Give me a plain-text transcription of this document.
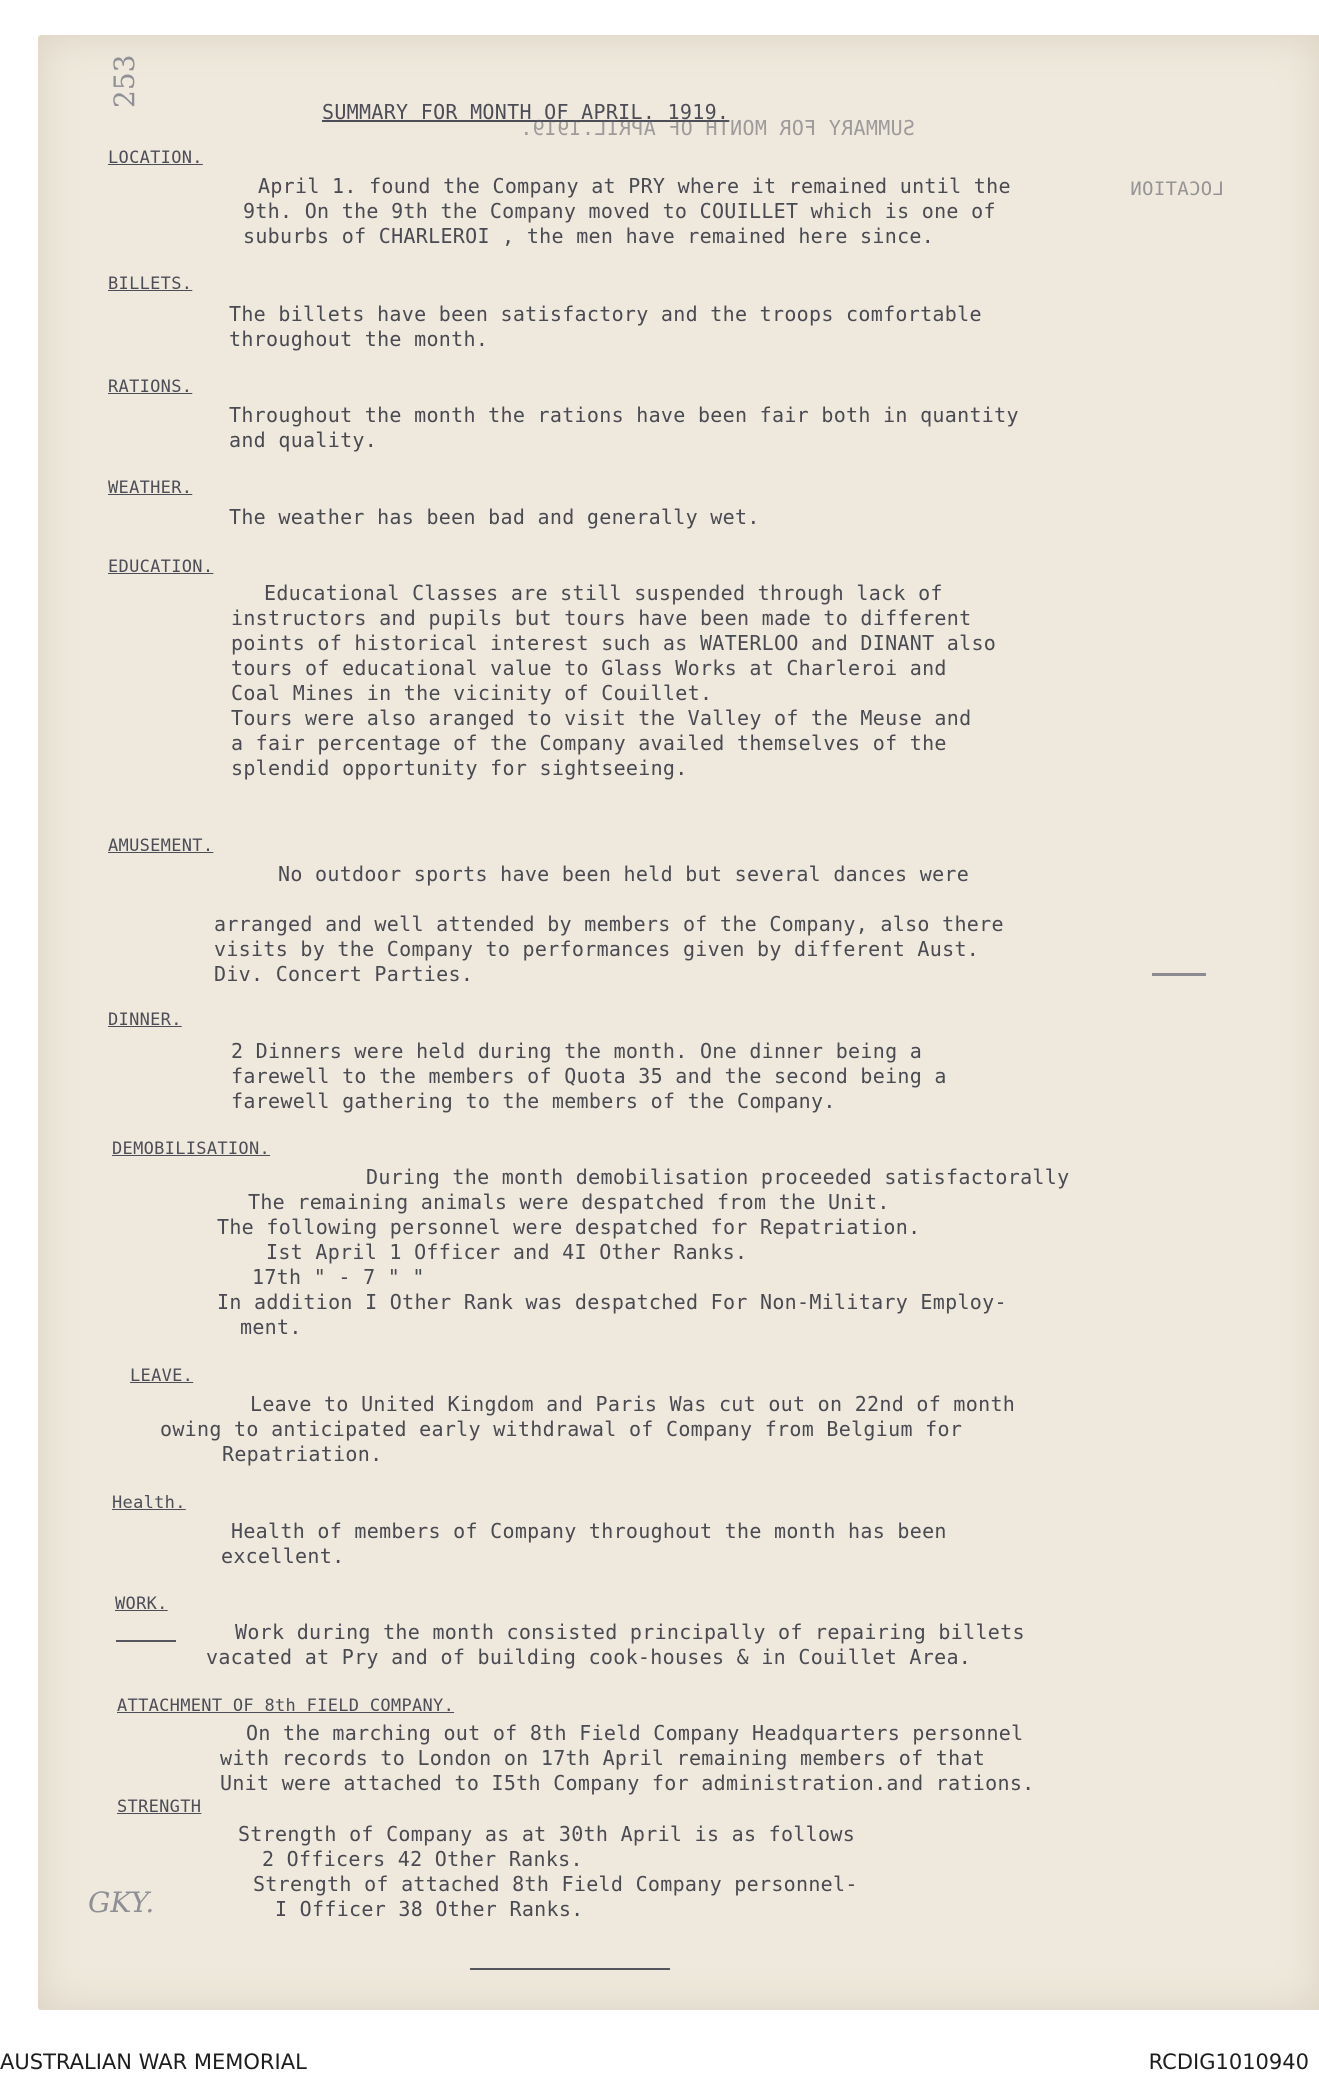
SUMMARY FOR MONTH OF APRIL. 1919.
SUMMARY FOR MONTH OF APRIL.1919.
LOCATION
253
LOCATION.
April 1. found the Company at PRY where it remained until the
9th. On the 9th the Company moved to COUILLET which is one of
suburbs of CHARLEROI , the men have remained here since.
BILLETS.
The billets have been satisfactory and the troops comfortable
throughout the month.
RATIONS.
Throughout the month the rations have been fair both in quantity
and quality.
WEATHER.
The weather has been bad and generally wet.
EDUCATION.
Educational Classes are still suspended through lack of
instructors and pupils but tours have been made to different
points of historical interest such as WATERLOO and DINANT also
tours of educational value to Glass Works at Charleroi and
Coal Mines in the vicinity of Couillet.
Tours were also aranged to visit the Valley of the Meuse and
a fair percentage of the Company availed themselves of the
splendid opportunity for sightseeing.
AMUSEMENT.
No outdoor sports have been held but several dances were
arranged and well attended by members of the Company, also there
visits by the Company to performances given by different Aust.
Div. Concert Parties.
DINNER.
2 Dinners were held during the month. One dinner being a
farewell to the members of Quota 35 and the second being a
farewell gathering to the members of the Company.
DEMOBILISATION.
During the month demobilisation proceeded satisfactorally
The remaining animals were despatched from the Unit.
The following personnel were despatched for Repatriation.
Ist April 1 Officer and 4I Other Ranks.
17th " - 7 " "
In addition I Other Rank was despatched For Non-Military Employ-
ment.
LEAVE.
Leave to United Kingdom and Paris Was cut out on 22nd of month
owing to anticipated early withdrawal of Company from Belgium for
Repatriation.
Health.
Health of members of Company throughout the month has been
excellent.
WORK.
Work during the month consisted principally of repairing billets
vacated at Pry and of building cook-houses & in Couillet Area.
ATTACHMENT OF 8th FIELD COMPANY.
On the marching out of 8th Field Company Headquarters personnel
with records to London on 17th April remaining members of that
Unit were attached to I5th Company for administration.and rations.
STRENGTH
Strength of Company as at 30th April is as follows
2 Officers 42 Other Ranks.
Strength of attached 8th Field Company personnel-
I Officer 38 Other Ranks.
GKY.
AUSTRALIAN WAR MEMORIAL	RCDIG1010940
